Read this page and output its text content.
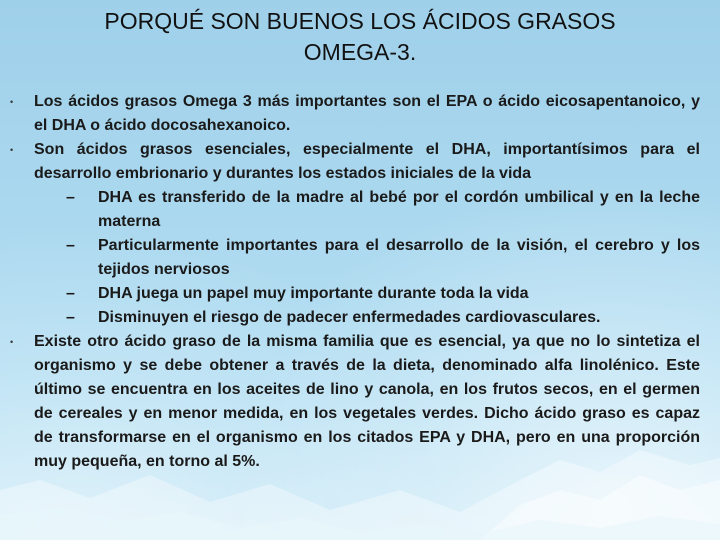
PORQUÉ SON BUENOS LOS ÁCIDOS GRASOS
OMEGA-3.
•	Los ácidos grasos Omega 3 más importantes son el EPA o ácido eicosapentanoico, y el DHA o ácido docosahexanoico.
•	Son ácidos grasos esenciales, especialmente el DHA, importantísimos para el desarrollo embrionario y durantes los estados iniciales de la vida
–	DHA es transferido de la madre al bebé por el cordón umbilical y en la leche materna
–	Particularmente importantes para el desarrollo de la visión, el cerebro y los tejidos nerviosos
–	DHA juega un papel muy importante durante toda la vida
–	Disminuyen el riesgo de padecer enfermedades cardiovasculares.
•	Existe otro ácido graso de la misma familia que es esencial, ya que no lo sintetiza el organismo y se debe obtener a través de la dieta, denominado alfa linolénico. Este último se encuentra en los aceites de lino y canola, en los frutos secos, en el germen de cereales y en menor medida, en los vegetales verdes. Dicho ácido graso es capaz de transformarse en el organismo en los citados EPA y DHA, pero en una proporción muy pequeña, en torno al 5%.
